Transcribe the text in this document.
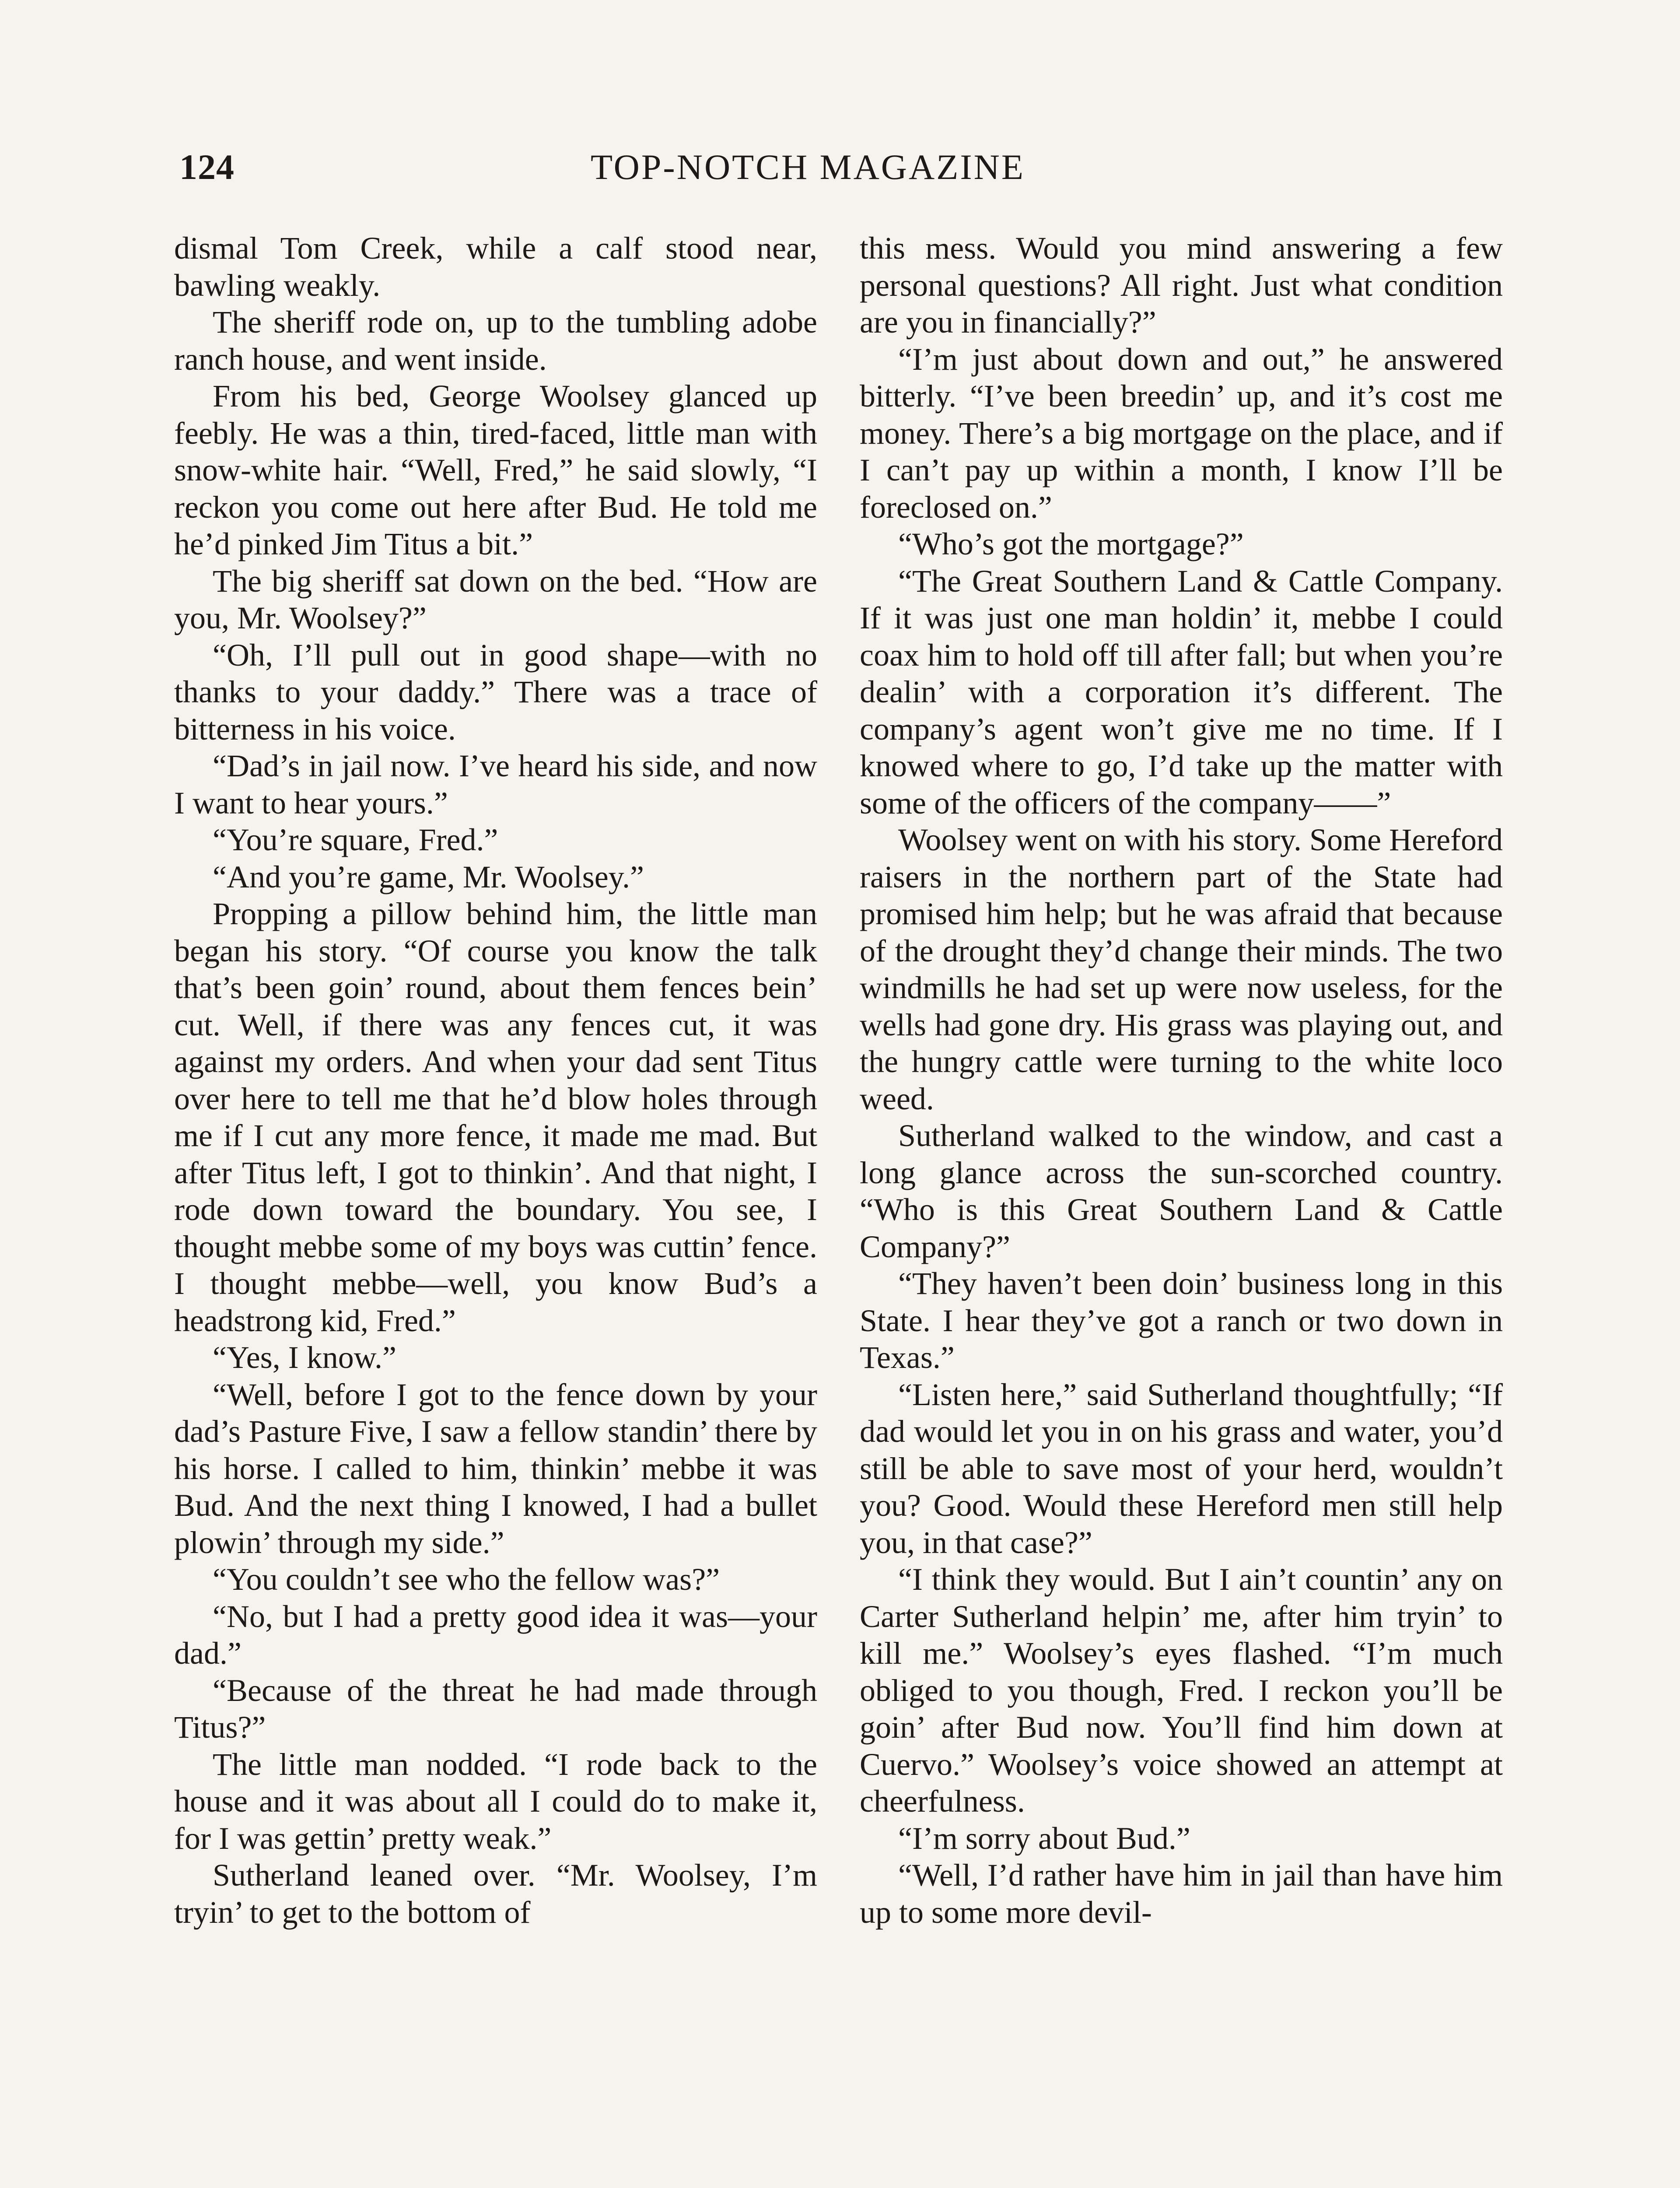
124	TOP-NOTCH MAGAZINE

dismal Tom Creek, while a calf stood near, bawling weakly.

The sheriff rode on, up to the tumbling adobe ranch house, and went inside.

From his bed, George Woolsey glanced up feebly. He was a thin, tired-faced, little man with snow-white hair. “Well, Fred,” he said slowly, “I reckon you come out here after Bud. He told me he’d pinked Jim Titus a bit.”

The big sheriff sat down on the bed. “How are you, Mr. Woolsey?”

“Oh, I’ll pull out in good shape—with no thanks to your daddy.” There was a trace of bitterness in his voice.

“Dad’s in jail now. I’ve heard his side, and now I want to hear yours.”

“You’re square, Fred.”

“And you’re game, Mr. Woolsey.”

Propping a pillow behind him, the little man began his story. “Of course you know the talk that’s been goin’ round, about them fences bein’ cut. Well, if there was any fences cut, it was against my orders. And when your dad sent Titus over here to tell me that he’d blow holes through me if I cut any more fence, it made me mad. But after Titus left, I got to thinkin’. And that night, I rode down toward the boundary. You see, I thought mebbe some of my boys was cuttin’ fence. I thought mebbe—well, you know Bud’s a headstrong kid, Fred.”

“Yes, I know.”

“Well, before I got to the fence down by your dad’s Pasture Five, I saw a fellow standin’ there by his horse. I called to him, thinkin’ mebbe it was Bud. And the next thing I knowed, I had a bullet plowin’ through my side.”

“You couldn’t see who the fellow was?”

“No, but I had a pretty good idea it was—your dad.”

“Because of the threat he had made through Titus?”

The little man nodded. “I rode back to the house and it was about all I could do to make it, for I was gettin’ pretty weak.”

Sutherland leaned over. “Mr. Woolsey, I’m tryin’ to get to the bottom of

this mess. Would you mind answering a few personal questions? All right. Just what condition are you in financially?”

“I’m just about down and out,” he answered bitterly. “I’ve been breedin’ up, and it’s cost me money. There’s a big mortgage on the place, and if I can’t pay up within a month, I know I’ll be foreclosed on.”

“Who’s got the mortgage?”

“The Great Southern Land & Cattle Company. If it was just one man holdin’ it, mebbe I could coax him to hold off till after fall; but when you’re dealin’ with a corporation it’s different. The company’s agent won’t give me no time. If I knowed where to go, I’d take up the matter with some of the officers of the company——”

Woolsey went on with his story. Some Hereford raisers in the northern part of the State had promised him help; but he was afraid that because of the drought they’d change their minds. The two windmills he had set up were now useless, for the wells had gone dry. His grass was playing out, and the hungry cattle were turning to the white loco weed.

Sutherland walked to the window, and cast a long glance across the sun-scorched country. “Who is this Great Southern Land & Cattle Company?”

“They haven’t been doin’ business long in this State. I hear they’ve got a ranch or two down in Texas.”

“Listen here,” said Sutherland thoughtfully; “If dad would let you in on his grass and water, you’d still be able to save most of your herd, wouldn’t you? Good. Would these Hereford men still help you, in that case?”

“I think they would. But I ain’t countin’ any on Carter Sutherland helpin’ me, after him tryin’ to kill me.” Woolsey’s eyes flashed. “I’m much obliged to you though, Fred. I reckon you’ll be goin’ after Bud now. You’ll find him down at Cuervo.” Woolsey’s voice showed an attempt at cheerfulness.

“I’m sorry about Bud.”

“Well, I’d rather have him in jail than have him up to some more devil-
